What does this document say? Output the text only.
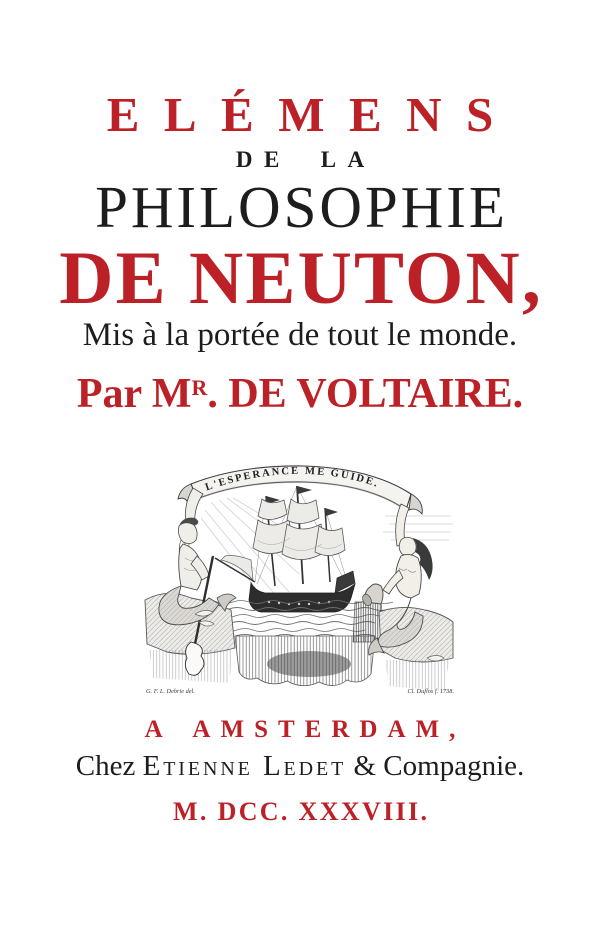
ELÉMENS
DE LA
PHILOSOPHIE
DE NEUTON,
Mis à la portée de tout le monde.
Par $M^R$. DE VOLTAIRE.
L'ESPERANCE ME GUIDE.
G. F. L. Debrie del.	Cl. Duflos f. 1738.
A AMSTERDAM,
Chez Etienne Ledet & Compagnie.
M. DCC. XXXVIII.
